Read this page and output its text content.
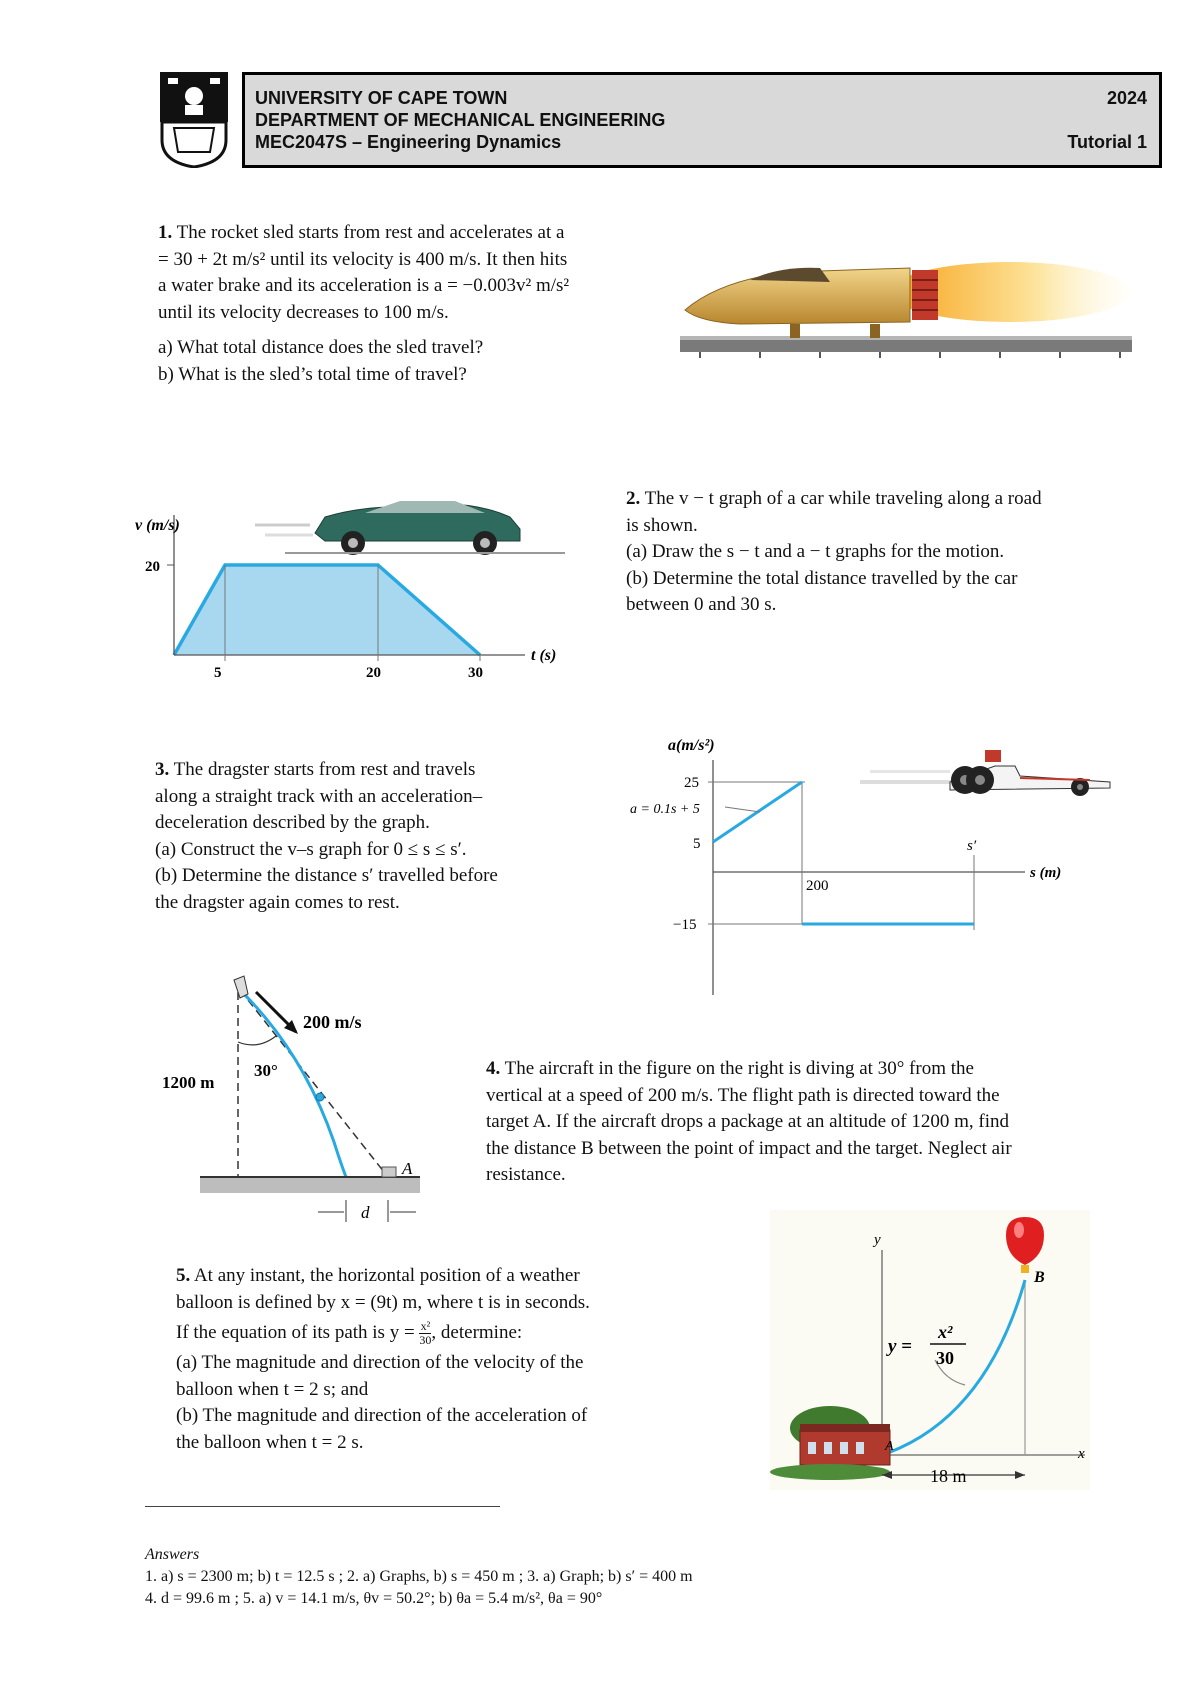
UNIVERSITY OF CAPE TOWN
DEPARTMENT OF MECHANICAL ENGINEERING
MEC2047S – Engineering Dynamics
2024
Tutorial 1

1. The rocket sled starts from rest and accelerates at a

= 30 + 2t m/s² until its velocity is 400 m/s. It then hits

a water brake and its acceleration is a = −0.003v² m/s²

until its velocity decreases to 100 m/s.

a) What total distance does the sled travel?

b) What is the sled’s total time of travel?

v (m/s)
t (s)
20
5	20	30

2. The v − t graph of a car while traveling along a road

is shown.

(a) Draw the s − t and a − t graphs for the motion.

(b) Determine the total distance travelled by the car

between 0 and 30 s.

3. The dragster starts from rest and travels

along a straight track with an acceleration–

deceleration described by the graph.

(a) Construct the v–s graph for 0 ≤ s ≤ s′.

(b) Determine the distance s′ travelled before

the dragster again comes to rest.

a(m/s²)
s (m)
25
5
−15
200
s′
a = 0.1s + 5
200 m/s
30°
1200 m
A
d

4. The aircraft in the figure on the right is diving at 30° from the

vertical at a speed of 200 m/s. The flight path is directed toward the

target A. If the aircraft drops a package at an altitude of 1200 m, find

the distance B between the point of impact and the target. Neglect air

resistance.

5. At any instant, the horizontal position of a weather

balloon is defined by x = (9t) m, where t is in seconds.

If the equation of its path is $y = \frac{\text{x²}}{30}$ , determine:

(a) The magnitude and direction of the velocity of the

balloon when t = 2 s; and

(b) The magnitude and direction of the acceleration of

the balloon when t = 2 s.

y
x
B
A
y =
x²
30
18 m
Answers
1. a) s = 2300 m; b) t = 12.5 s ; 2. a) Graphs, b) s = 450 m ; 3. a) Graph; b) s′ = 400 m
4. d = 99.6 m ; 5. a) v = 14.1 m/s, θv = 50.2°; b) θa = 5.4 m/s², θa = 90°
